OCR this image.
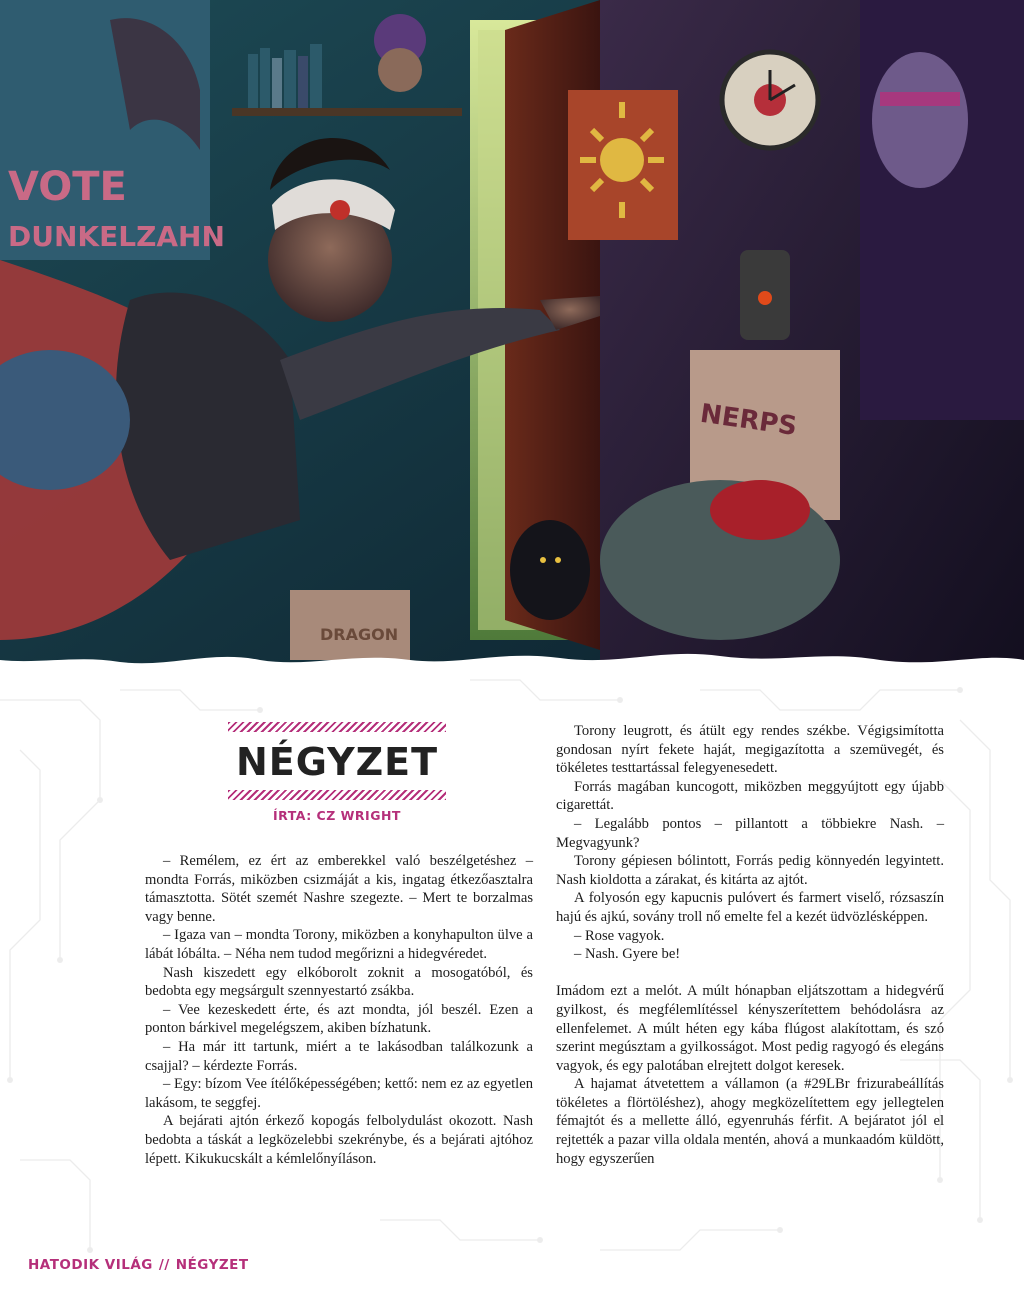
VOTE
DUNKELZAHN
NERPS
DRAGON
NÉGYZET
ÍRTA: CZ WRIGHT

– Remélem, ez ért az emberekkel való beszélgetéshez – mondta Forrás, miközben csizmáját a kis, ingatag étkezőasztalra támasztotta. Sötét szemét Nashre szegezte. – Mert te borzalmas vagy benne.

– Igaza van – mondta Torony, miközben a konyhapulton ülve a lábát lóbálta. – Néha nem tudod megőrizni a hidegvéredet.

Nash kiszedett egy elkóborolt zoknit a mosogatóból, és bedobta egy megsárgult szennyestartó zsákba.

– Vee kezeskedett érte, és azt mondta, jól beszél. Ezen a ponton bárkivel megelégszem, akiben bízhatunk.

– Ha már itt tartunk, miért a te lakásodban találkozunk a csajjal? – kérdezte Forrás.

– Egy: bízom Vee ítélőképességében; kettő: nem ez az egyetlen lakásom, te seggfej.

A bejárati ajtón érkező kopogás felbolydulást okozott. Nash bedobta a táskát a legközelebbi szekrénybe, és a bejárati ajtóhoz lépett. Kikukucskált a kémlelőnyíláson.

Torony leugrott, és átült egy rendes székbe. Végigsimította gondosan nyírt fekete haját, megigazította a szemüvegét, és tökéletes testtartással felegyenesedett.

Forrás magában kuncogott, miközben meggyújtott egy újabb cigarettát.

– Legalább pontos – pillantott a többiekre Nash. – Megvagyunk?

Torony gépiesen bólintott, Forrás pedig könnyedén legyintett. Nash kioldotta a zárakat, és kitárta az ajtót.

A folyosón egy kapucnis pulóvert és farmert viselő, rózsaszín hajú és ajkú, sovány troll nő emelte fel a kezét üdvözlésképpen.

– Rose vagyok.

– Nash. Gyere be!

Imádom ezt a melót. A múlt hónapban eljátszottam a hidegvérű gyilkost, és megfélemlítéssel kényszerítettem behódolásra az ellenfelemet. A múlt héten egy kába flúgost alakítottam, és szó szerint megúsztam a gyilkosságot. Most pedig ragyogó és elegáns vagyok, és egy palotában elrejtett dolgot keresek.

A hajamat átvetettem a vállamon (a #29LBr frizurabeállítás tökéletes a flörtöléshez), ahogy megközelítettem egy jellegtelen fémajtót és a mellette álló, egyenruhás férfit. A bejáratot jól el rejtették a pazar villa oldala mentén, ahová a munkaadóm küldött, hogy egyszerűen

HATODIK VILÁG // NÉGYZET
